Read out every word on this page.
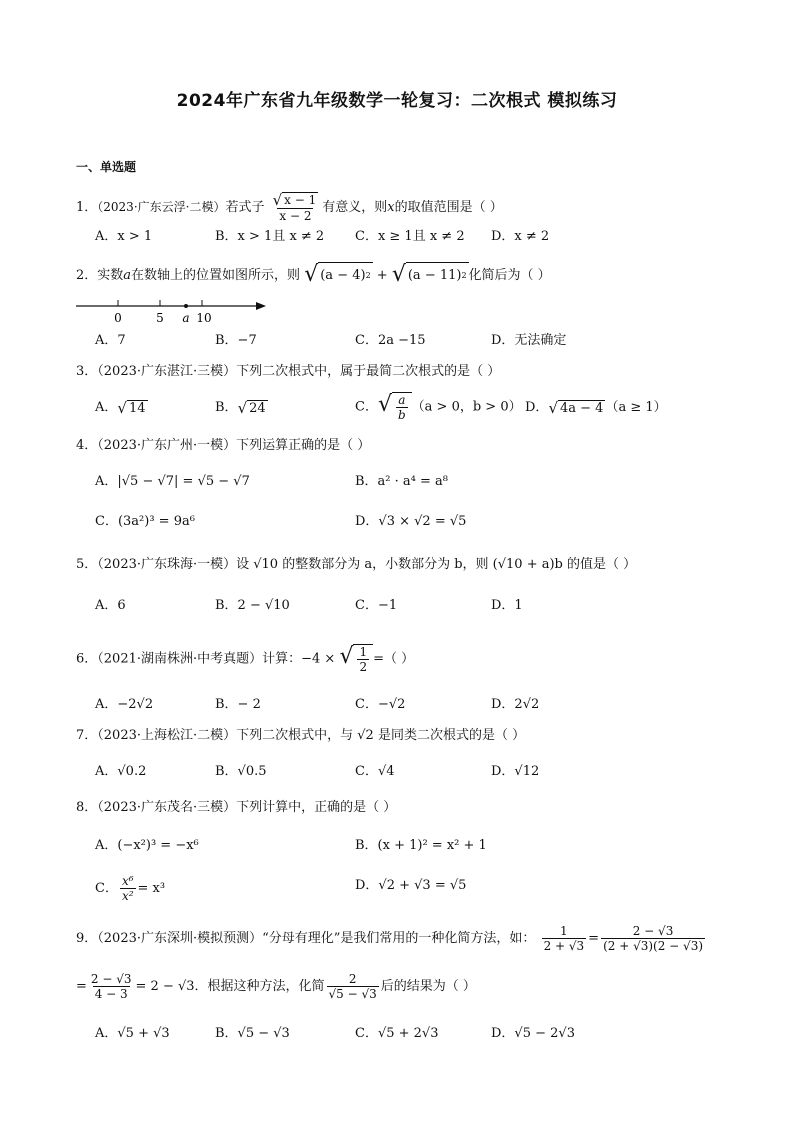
2024年广东省九年级数学一轮复习：二次根式 模拟练习
一、单选题
1．（2023·广东云浮·二模）若式子 $\frac{√ x - 1}{x - 2}$ 有意义，则x的取值范围是（ ）
A．x > 1	B．x > 1且 x ≠ 2 C．x ≥ 1且 x ≠ 2 D．x ≠ 2
2．实数a在数轴上的位置如图所示，则 √ (a − 4) 2 + √ (a − 11) 2 化简后为（ ）
0	5 a 10
A．7	B．−7	C．2a −15	D．无法确定
3．（2023·广东湛江·三模）下列二次根式中，属于最简二次根式的是（ ）
A． √ 14	B． √ 24	C． √ $\frac{a}{b} (a > 0$，b > 0） D． √ 4a − 4 （a ≥ 1）
4．（2023·广东广州·一模）下列运算正确的是（ ）
A．|√5 − √7| = √5 − √7	B．a² · a⁴ = a⁸
C．(3a²)³ = 9a⁶	D．√3 × √2 = √5
5．（2023·广东珠海·一模）设 √10 的整数部分为 a，小数部分为 b，则 (√10 + a)b 的值是（ ）
A．6	B．2 − √10	C．−1	D．1
6．（2021·湖南株洲·中考真题）计算：−4 × √ $\frac{1}{2}$ =（ ）
A．−2√2	B．− 2	C．−√2	D．2√2
7．（2023·上海松江·二模）下列二次根式中，与 √2 是同类二次根式的是（ ）
A．√0.2	B．√0.5	C．√4	D．√12
8．（2023·广东茂名·三模）下列计算中，正确的是（ ）
A．(−x²)³ = −x⁶	B．(x + 1)² = x² + 1
C． $\frac{\text{x⁶}}{\text{x²}} = x^3$	D．√2 + √3 = √5
9．（2023·广东深圳·模拟预测）“分母有理化”是我们常用的一种化简方法，如： $\frac{1}{2 + √3} = \frac{2 - √3}{(2 + √3)(2 - √3)}$
= $\frac{2 - √3}{4 - 3} = 2 - √3$．根据这种方法，化简 $\frac{2}{√5 - √3}$ 后的结果为（ ）
A．√5 + √3	B．√5 − √3	C．√5 + 2√3	D．√5 − 2√3
